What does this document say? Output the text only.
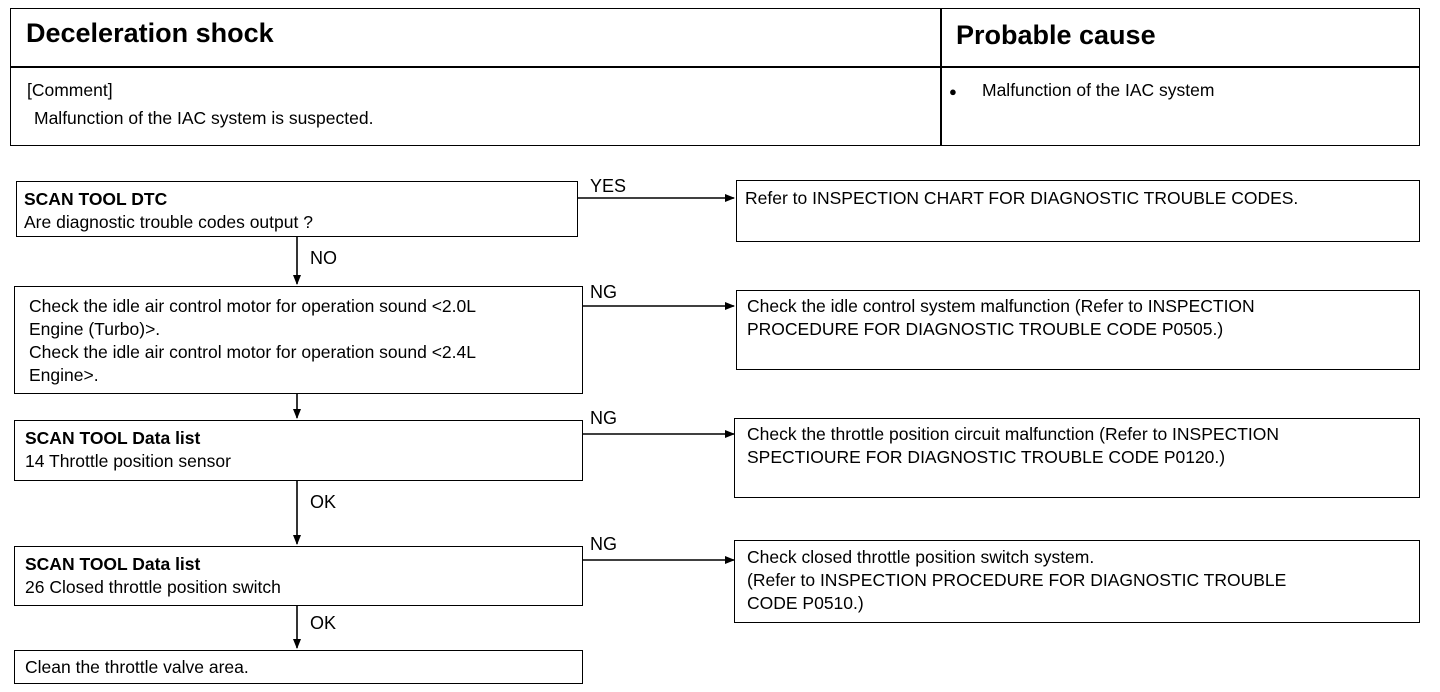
Deceleration shock	Probable cause
[Comment]
Malfunction of the IAC system is suspected.
● Malfunction of the IAC system
SCAN TOOL DTC
Are diagnostic trouble codes output ?
YES
Refer to INSPECTION CHART FOR DIAGNOSTIC TROUBLE CODES.
NO
Check the idle air control motor for operation sound <2.0L
Engine (Turbo)>.
Check the idle air control motor for operation sound <2.4L
Engine>.
NG
Check the idle control system malfunction (Refer to INSPECTION
PROCEDURE FOR DIAGNOSTIC TROUBLE CODE P0505.)
SCAN TOOL Data list
14 Throttle position sensor
NG
Check the throttle position circuit malfunction (Refer to INSPECTION
SPECTIOURE FOR DIAGNOSTIC TROUBLE CODE P0120.)
OK
SCAN TOOL Data list
26 Closed throttle position switch
NG
Check closed throttle position switch system.
(Refer to INSPECTION PROCEDURE FOR DIAGNOSTIC TROUBLE
CODE P0510.)
OK
Clean the throttle valve area.
